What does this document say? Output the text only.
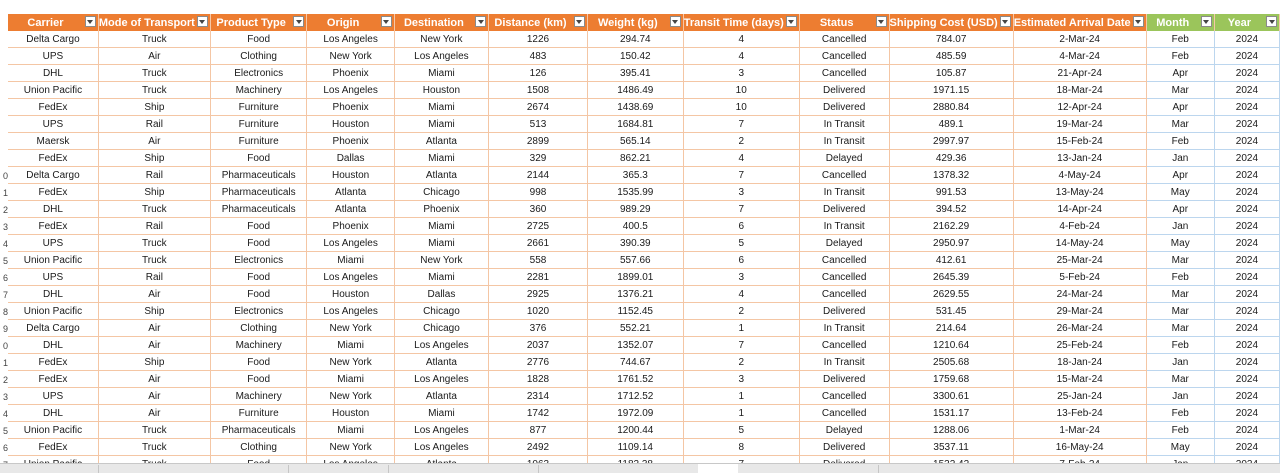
0
1
2
3
4
5
6
7
8
9
0
1
2
3
4
5
6
Carrier	Mode of Transport	Product Type	Origin	Destination	Distance (km)	Weight (kg)	Transit Time (days)	Status	Shipping Cost (USD)	Estimated Arrival Date	Month	Year

Delta Cargo	Truck	Food	Los Angeles	New York	1226	294.74	4	Cancelled	784.07	2-Mar-24	Feb	2024
UPS	Air	Clothing	New York	Los Angeles	483	150.42	4	Cancelled	485.59	4-Mar-24	Feb	2024
DHL	Truck	Electronics	Phoenix	Miami	126	395.41	3	Cancelled	105.87	21-Apr-24	Apr	2024
Union Pacific	Truck	Machinery	Los Angeles	Houston	1508	1486.49	10	Delivered	1971.15	18-Mar-24	Mar	2024
FedEx	Ship	Furniture	Phoenix	Miami	2674	1438.69	10	Delivered	2880.84	12-Apr-24	Apr	2024
UPS	Rail	Furniture	Houston	Miami	513	1684.81	7	In Transit	489.1	19-Mar-24	Mar	2024
Maersk	Air	Furniture	Phoenix	Atlanta	2899	565.14	2	In Transit	2997.97	15-Feb-24	Feb	2024
FedEx	Ship	Food	Dallas	Miami	329	862.21	4	Delayed	429.36	13-Jan-24	Jan	2024
Delta Cargo	Rail	Pharmaceuticals	Houston	Atlanta	2144	365.3	7	Cancelled	1378.32	4-May-24	Apr	2024
FedEx	Ship	Pharmaceuticals	Atlanta	Chicago	998	1535.99	3	In Transit	991.53	13-May-24	May	2024
DHL	Truck	Pharmaceuticals	Atlanta	Phoenix	360	989.29	7	Delivered	394.52	14-Apr-24	Apr	2024
FedEx	Rail	Food	Phoenix	Miami	2725	400.5	6	In Transit	2162.29	4-Feb-24	Jan	2024
UPS	Truck	Food	Los Angeles	Miami	2661	390.39	5	Delayed	2950.97	14-May-24	May	2024
Union Pacific	Truck	Electronics	Miami	New York	558	557.66	6	Cancelled	412.61	25-Mar-24	Mar	2024
UPS	Rail	Food	Los Angeles	Miami	2281	1899.01	3	Cancelled	2645.39	5-Feb-24	Feb	2024
DHL	Air	Food	Houston	Dallas	2925	1376.21	4	Cancelled	2629.55	24-Mar-24	Mar	2024
Union Pacific	Ship	Electronics	Los Angeles	Chicago	1020	1152.45	2	Delivered	531.45	29-Mar-24	Mar	2024
Delta Cargo	Air	Clothing	New York	Chicago	376	552.21	1	In Transit	214.64	26-Mar-24	Mar	2024
DHL	Air	Machinery	Miami	Los Angeles	2037	1352.07	7	Cancelled	1210.64	25-Feb-24	Feb	2024
FedEx	Ship	Food	New York	Atlanta	2776	744.67	2	In Transit	2505.68	18-Jan-24	Jan	2024
FedEx	Air	Food	Miami	Los Angeles	1828	1761.52	3	Delivered	1759.68	15-Mar-24	Mar	2024
UPS	Air	Machinery	New York	Atlanta	2314	1712.52	1	Cancelled	3300.61	25-Jan-24	Jan	2024
DHL	Air	Furniture	Houston	Miami	1742	1972.09	1	Cancelled	1531.17	13-Feb-24	Feb	2024
Union Pacific	Truck	Pharmaceuticals	Miami	Los Angeles	877	1200.44	5	Delayed	1288.06	1-Mar-24	Feb	2024
FedEx	Truck	Clothing	New York	Los Angeles	2492	1109.14	8	Delivered	3537.11	16-May-24	May	2024
